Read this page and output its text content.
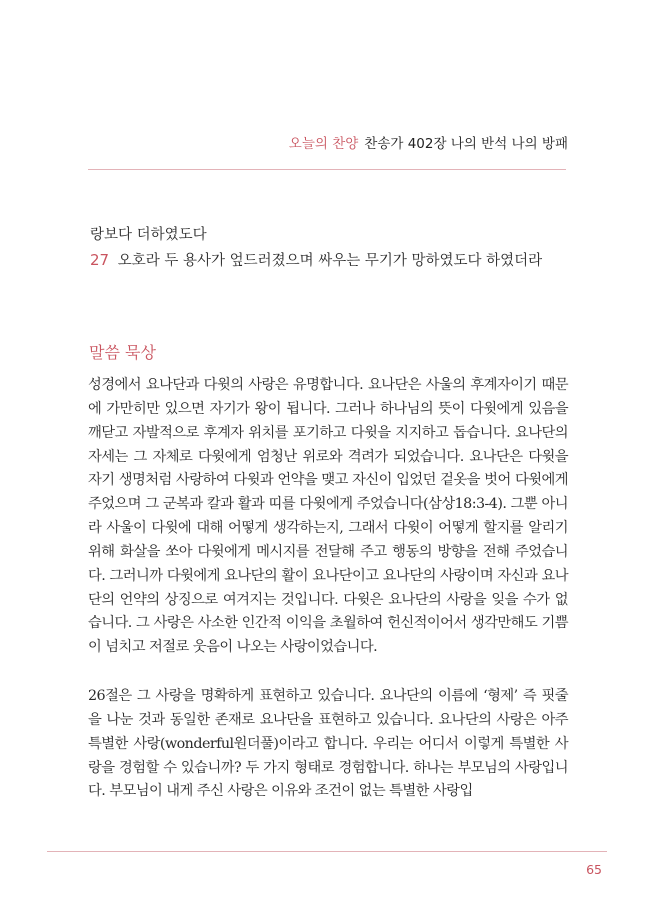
오늘의 찬양 찬송가 402장 나의 반석 나의 방패
랑보다 더하였도다
27 오호라 두 용사가 엎드러졌으며 싸우는 무기가 망하였도다 하였더라
말씀 묵상

성경에서 요나단과 다윗의 사랑은 유명합니다. 요나단은 사울의 후계자이기 때문에 가만히만 있으면 자기가 왕이 됩니다. 그러나 하나님의 뜻이 다윗에게 있음을 깨닫고 자발적으로 후계자 위치를 포기하고 다윗을 지지하고 돕습니다. 요나단의 자세는 그 자체로 다윗에게 엄청난 위로와 격려가 되었습니다. 요나단은 다윗을 자기 생명처럼 사랑하여 다윗과 언약을 맺고 자신이 입었던 겉옷을 벗어 다윗에게 주었으며 그 군복과 칼과 활과 띠를 다윗에게 주었습니다(삼상18:3-4). 그뿐 아니라 사울이 다윗에 대해 어떻게 생각하는지, 그래서 다윗이 어떻게 할지를 알리기 위해 화살을 쏘아 다윗에게 메시지를 전달해 주고 행동의 방향을 전해 주었습니다. 그러니까 다윗에게 요나단의 활이 요나단이고 요나단의 사랑이며 자신과 요나단의 언약의 상징으로 여겨지는 것입니다. 다윗은 요나단의 사랑을 잊을 수가 없습니다. 그 사랑은 사소한 인간적 이익을 초월하여 헌신적이어서 생각만해도 기쁨이 넘치고 저절로 웃음이 나오는 사랑이었습니다.

26절은 그 사랑을 명확하게 표현하고 있습니다. 요나단의 이름에 ‘형제’ 즉 핏줄을 나눈 것과 동일한 존재로 요나단을 표현하고 있습니다. 요나단의 사랑은 아주 특별한 사랑(wonderful원더풀)이라고 합니다. 우리는 어디서 이렇게 특별한 사랑을 경험할 수 있습니까? 두 가지 형태로 경험합니다. 하나는 부모님의 사랑입니다. 부모님이 내게 주신 사랑은 이유와 조건이 없는 특별한 사랑입

65
